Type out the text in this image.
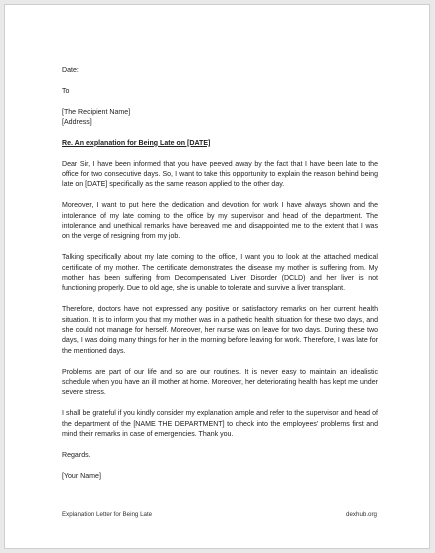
Date:
To
[The Recipient Name]
[Address]
Re. An explanation for Being Late on [DATE]

Dear Sir, I have been informed that you have peeved away by the fact that I have been late to the office for two consecutive days. So, I want to take this opportunity to explain the reason behind being late on [DATE] specifically as the same reason applied to the other day.

Moreover, I want to put here the dedication and devotion for work I have always shown and the intolerance of my late coming to the office by my supervisor and head of the department. The intolerance and unethical remarks have bereaved me and disappointed me to the extent that I was on the verge of resigning from my job.

Talking specifically about my late coming to the office, I want you to look at the attached medical certificate of my mother. The certificate demonstrates the disease my mother is suffering from. My mother has been suffering from Decompensated Liver Disorder (DCLD) and her liver is not functioning properly. Due to old age, she is unable to tolerate and survive a liver transplant.

Therefore, doctors have not expressed any positive or satisfactory remarks on her current health situation. It is to inform you that my mother was in a pathetic health situation for these two days, and she could not manage for herself. Moreover, her nurse was on leave for two days. During these two days, I was doing many things for her in the morning before leaving for work. Therefore, I was late for the mentioned days.

Problems are part of our life and so are our routines. It is never easy to maintain an idealistic schedule when you have an ill mother at home. Moreover, her deteriorating health has kept me under severe stress.

I shall be grateful if you kindly consider my explanation ample and refer to the supervisor and head of the department of the [NAME THE DEPARTMENT] to check into the employees' problems first and mind their remarks in case of emergencies. Thank you.

Regards.
[Your Name]
Explanation Letter for Being Late	dexhub.org
